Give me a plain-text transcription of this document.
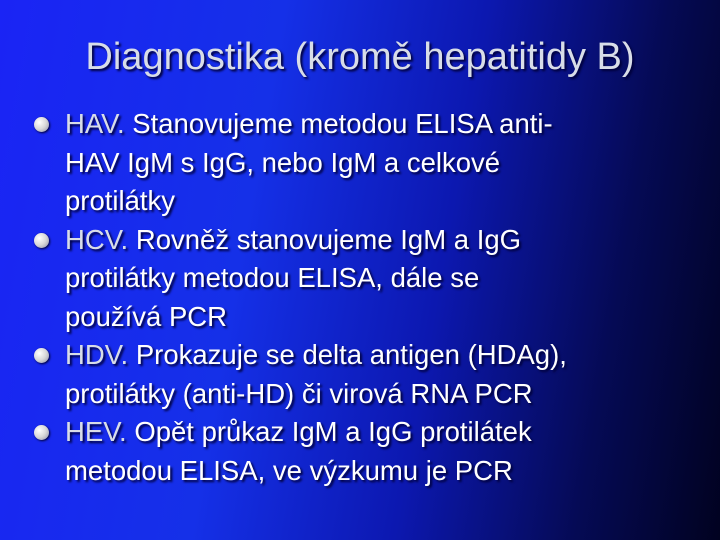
Diagnostika (kromě hepatitidy B)
HAV. Stanovujeme metodou ELISA anti-
HAV IgM s IgG, nebo IgM a celkové
protilátky
HCV. Rovněž stanovujeme IgM a IgG
protilátky metodou ELISA, dále se
používá PCR
HDV. Prokazuje se delta antigen (HDAg),
protilátky (anti-HD) či virová RNA PCR
HEV. Opět průkaz IgM a IgG protilátek
metodou ELISA, ve výzkumu je PCR
